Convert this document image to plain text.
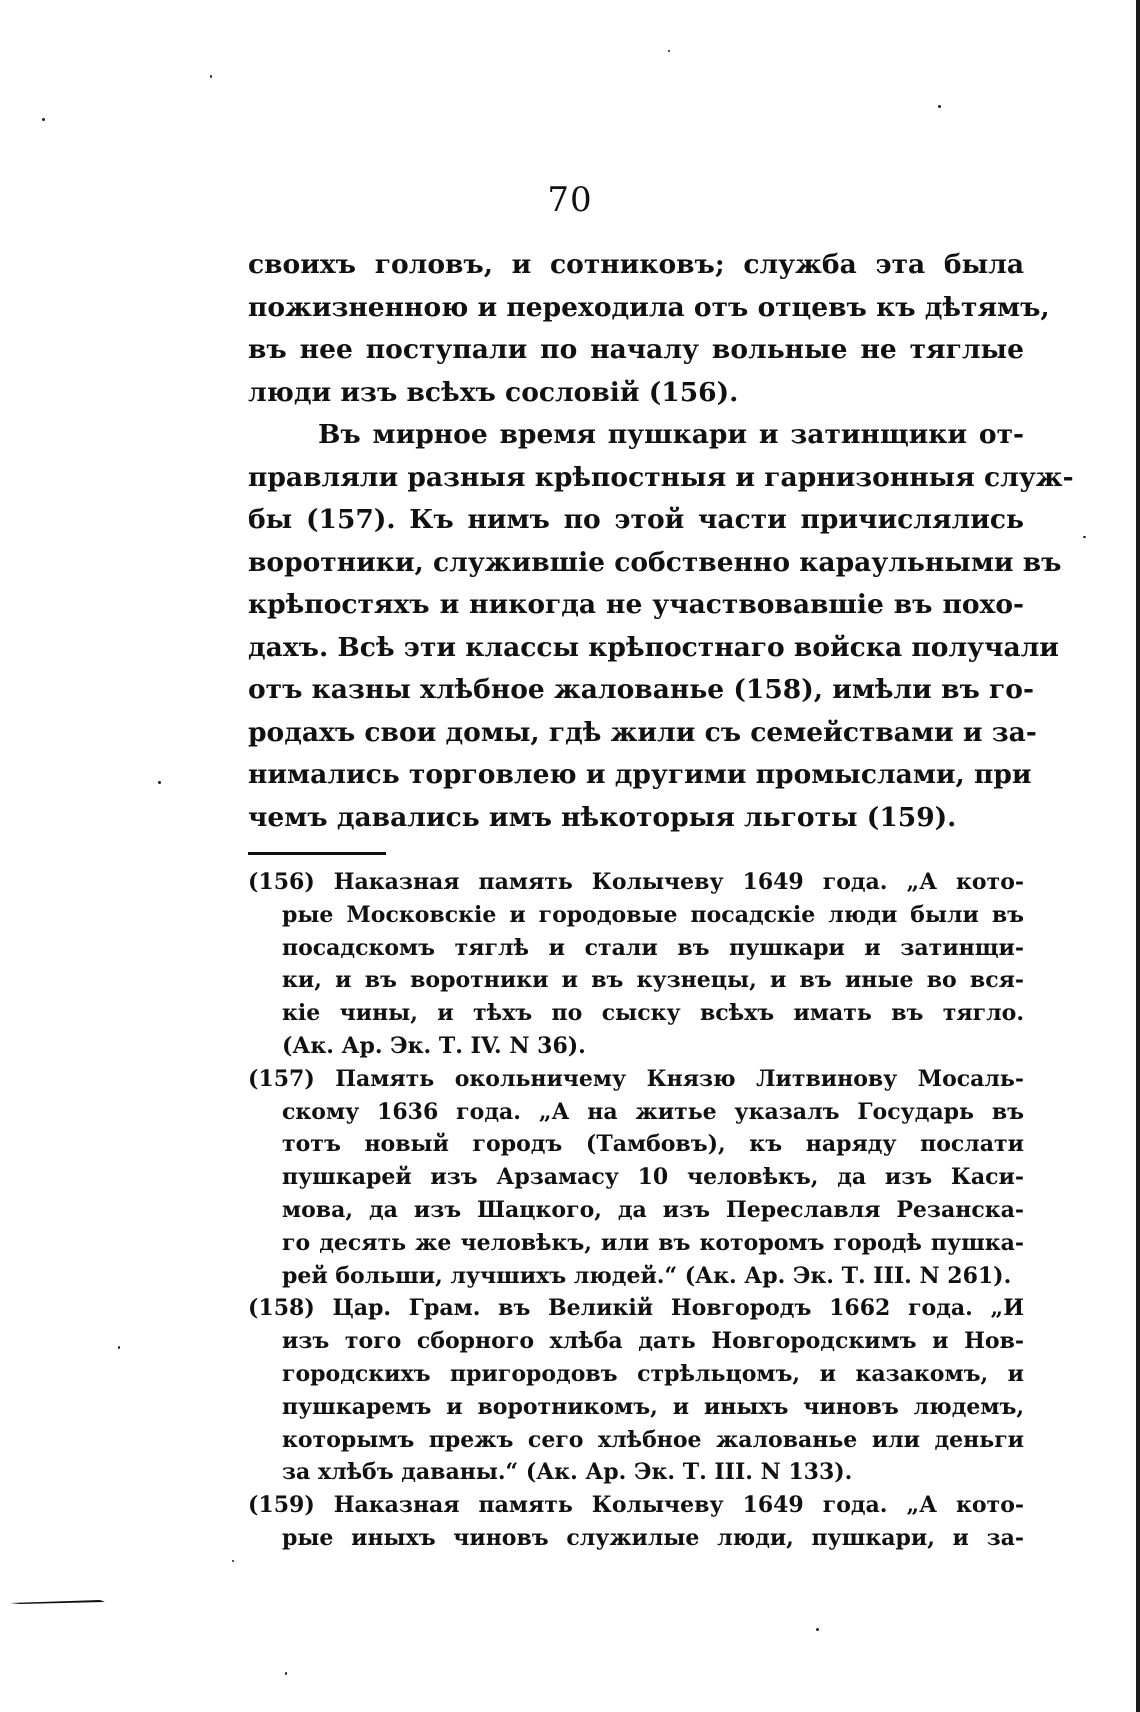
70
своихъ головъ, и сотниковъ; служба эта была
пожизненною и переходила отъ отцевъ къ дѣтямъ,
въ нее поступали по началу вольные не тяглые
люди изъ всѣхъ сословій (156).
Въ мирное время пушкари и затинщики от-
правляли разныя крѣпостныя и гарнизонныя служ-
бы (157). Къ нимъ по этой части причислялись
воротники, служившіе собственно караульными въ
крѣпостяхъ и никогда не участвовавшіе въ похо-
дахъ. Всѣ эти классы крѣпостнаго войска получали
отъ казны хлѣбное жалованье (158), имѣли въ го-
родахъ свои домы, гдѣ жили съ семействами и за-
нимались торговлею и другими промыслами, при
чемъ давались имъ нѣкоторыя льготы (159).
(156) Наказная память Колычеву 1649 года. „А кото-
рые Московскіе и городовые посадскіе люди были въ
посадскомъ тяглѣ и стали въ пушкари и затинщи-
ки, и въ воротники и въ кузнецы, и въ иные во вся-
кіе чины, и тѣхъ по сыску всѣхъ имать въ тягло.
(Ак. Ар. Эк. Т. IV. N 36).
(157) Память окольничему Князю Литвинову Мосаль-
скому 1636 года. „А на житье указалъ Государь въ
тотъ новый городъ (Тамбовъ), къ наряду послати
пушкарей изъ Арзамасу 10 человѣкъ, да изъ Каси-
мова, да изъ Шацкого, да изъ Переславля Резанска-
го десять же человѣкъ, или въ которомъ городѣ пушка-
рей больши, лучшихъ людей.“ (Ак. Ар. Эк. Т. III. N 261).
(158) Цар. Грам. въ Великій Новгородъ 1662 года. „И
изъ того сборного хлѣба дать Новгородскимъ и Нов-
городскихъ пригородовъ стрѣльцомъ, и казакомъ, и
пушкаремъ и воротникомъ, и иныхъ чиновъ людемъ,
которымъ прежъ сего хлѣбное жалованье или деньги
за хлѣбъ даваны.“ (Ак. Ар. Эк. Т. III. N 133).
(159) Наказная память Колычеву 1649 года. „А кото-
рые иныхъ чиновъ служилые люди, пушкари, и за-
